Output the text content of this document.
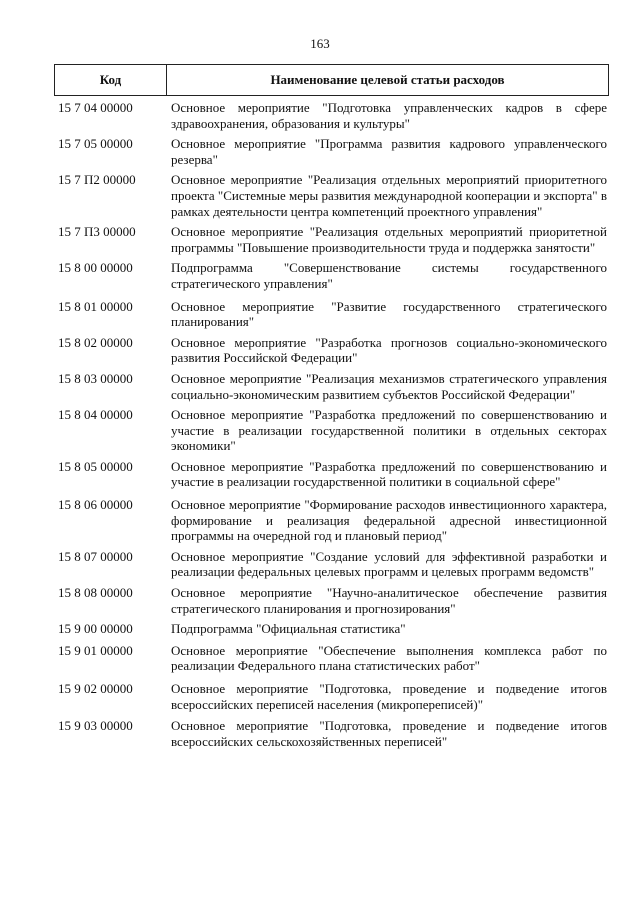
163
Код	Наименование целевой статьи расходов
15 7 04 00000	Основное мероприятие "Подготовка управленческих кадров в сфере здравоохранения, образования и культуры"
15 7 05 00000	Основное мероприятие "Программа развития кадрового управленческого резерва"
15 7 П2 00000	Основное мероприятие "Реализация отдельных мероприятий приоритетного проекта "Системные меры развития международной кооперации и экспорта" в рамках деятельности центра компетенций проектного управления"
15 7 П3 00000	Основное мероприятие "Реализация отдельных мероприятий приоритетной программы "Повышение производительности труда и поддержка занятости"
15 8 00 00000	Подпрограмма "Совершенствование системы государственного стратегического управления"
15 8 01 00000	Основное мероприятие "Развитие государственного стратегического планирования"
15 8 02 00000	Основное мероприятие "Разработка прогнозов социально-экономического развития Российской Федерации"
15 8 03 00000	Основное мероприятие "Реализация механизмов стратегического управления социально-экономическим развитием субъектов Российской Федерации"
15 8 04 00000	Основное мероприятие "Разработка предложений по совершенствованию и участие в реализации государственной политики в отдельных секторах экономики"
15 8 05 00000	Основное мероприятие "Разработка предложений по совершенствованию и участие в реализации государственной политики в социальной сфере"
15 8 06 00000	Основное мероприятие "Формирование расходов инвестиционного характера, формирование и реализация федеральной адресной инвестиционной программы на очередной год и плановый период"
15 8 07 00000	Основное мероприятие "Создание условий для эффективной разработки и реализации федеральных целевых программ и целевых программ ведомств"
15 8 08 00000	Основное мероприятие "Научно-аналитическое обеспечение развития стратегического планирования и прогнозирования"
15 9 00 00000	Подпрограмма "Официальная статистика"
15 9 01 00000	Основное мероприятие "Обеспечение выполнения комплекса работ по реализации Федерального плана статистических работ"
15 9 02 00000	Основное мероприятие "Подготовка, проведение и подведение итогов всероссийских переписей населения (микропереписей)"
15 9 03 00000	Основное мероприятие "Подготовка, проведение и подведение итогов всероссийских сельскохозяйственных переписей"
